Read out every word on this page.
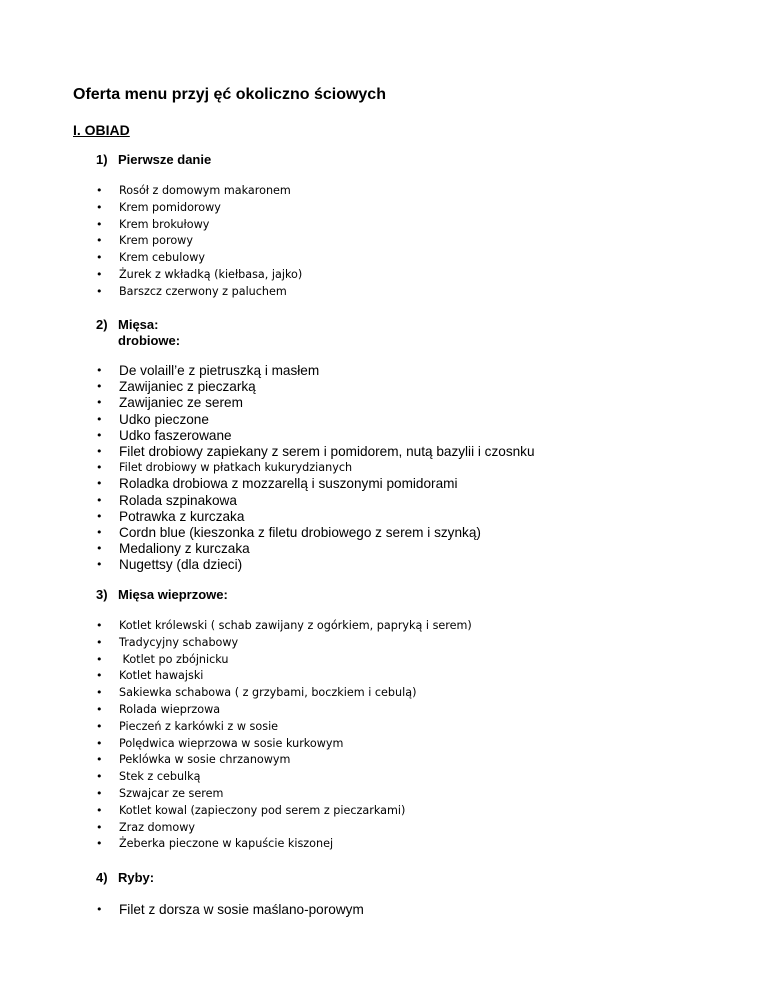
Oferta menu przyj ęć okoliczno ściowych
I. OBIAD
1) Pierwsze danie
• Rosół z domowym makaronem
• Krem pomidorowy
• Krem brokułowy
• Krem porowy
• Krem cebulowy
• Żurek z wkładką (kiełbasa, jajko)
• Barszcz czerwony z paluchem
2) Mięsa:
drobiowe:
• De volaill’e z pietruszką i masłem
• Zawijaniec z pieczarką
• Zawijaniec ze serem
• Udko pieczone
• Udko faszerowane
• Filet drobiowy zapiekany z serem i pomidorem, nutą bazylii i czosnku
• Filet drobiowy w płatkach kukurydzianych
• Roladka drobiowa z mozzarellą i suszonymi pomidorami
• Rolada szpinakowa
• Potrawka z kurczaka
• Cordn blue (kieszonka z filetu drobiowego z serem i szynką)
• Medaliony z kurczaka
• Nugettsy (dla dzieci)
3) Mięsa wieprzowe:
• Kotlet królewski ( schab zawijany z ogórkiem, papryką i serem)
• Tradycyjny schabowy
•  Kotlet po zbójnicku
• Kotlet hawajski
• Sakiewka schabowa ( z grzybami, boczkiem i cebulą)
• Rolada wieprzowa
• Pieczeń z karkówki z w sosie
• Polędwica wieprzowa w sosie kurkowym
• Peklówka w sosie chrzanowym
• Stek z cebulką
• Szwajcar ze serem
• Kotlet kowal (zapieczony pod serem z pieczarkami)
• Zraz domowy
• Żeberka pieczone w kapuście kiszonej
4) Ryby:
• Filet z dorsza w sosie maślano-porowym
